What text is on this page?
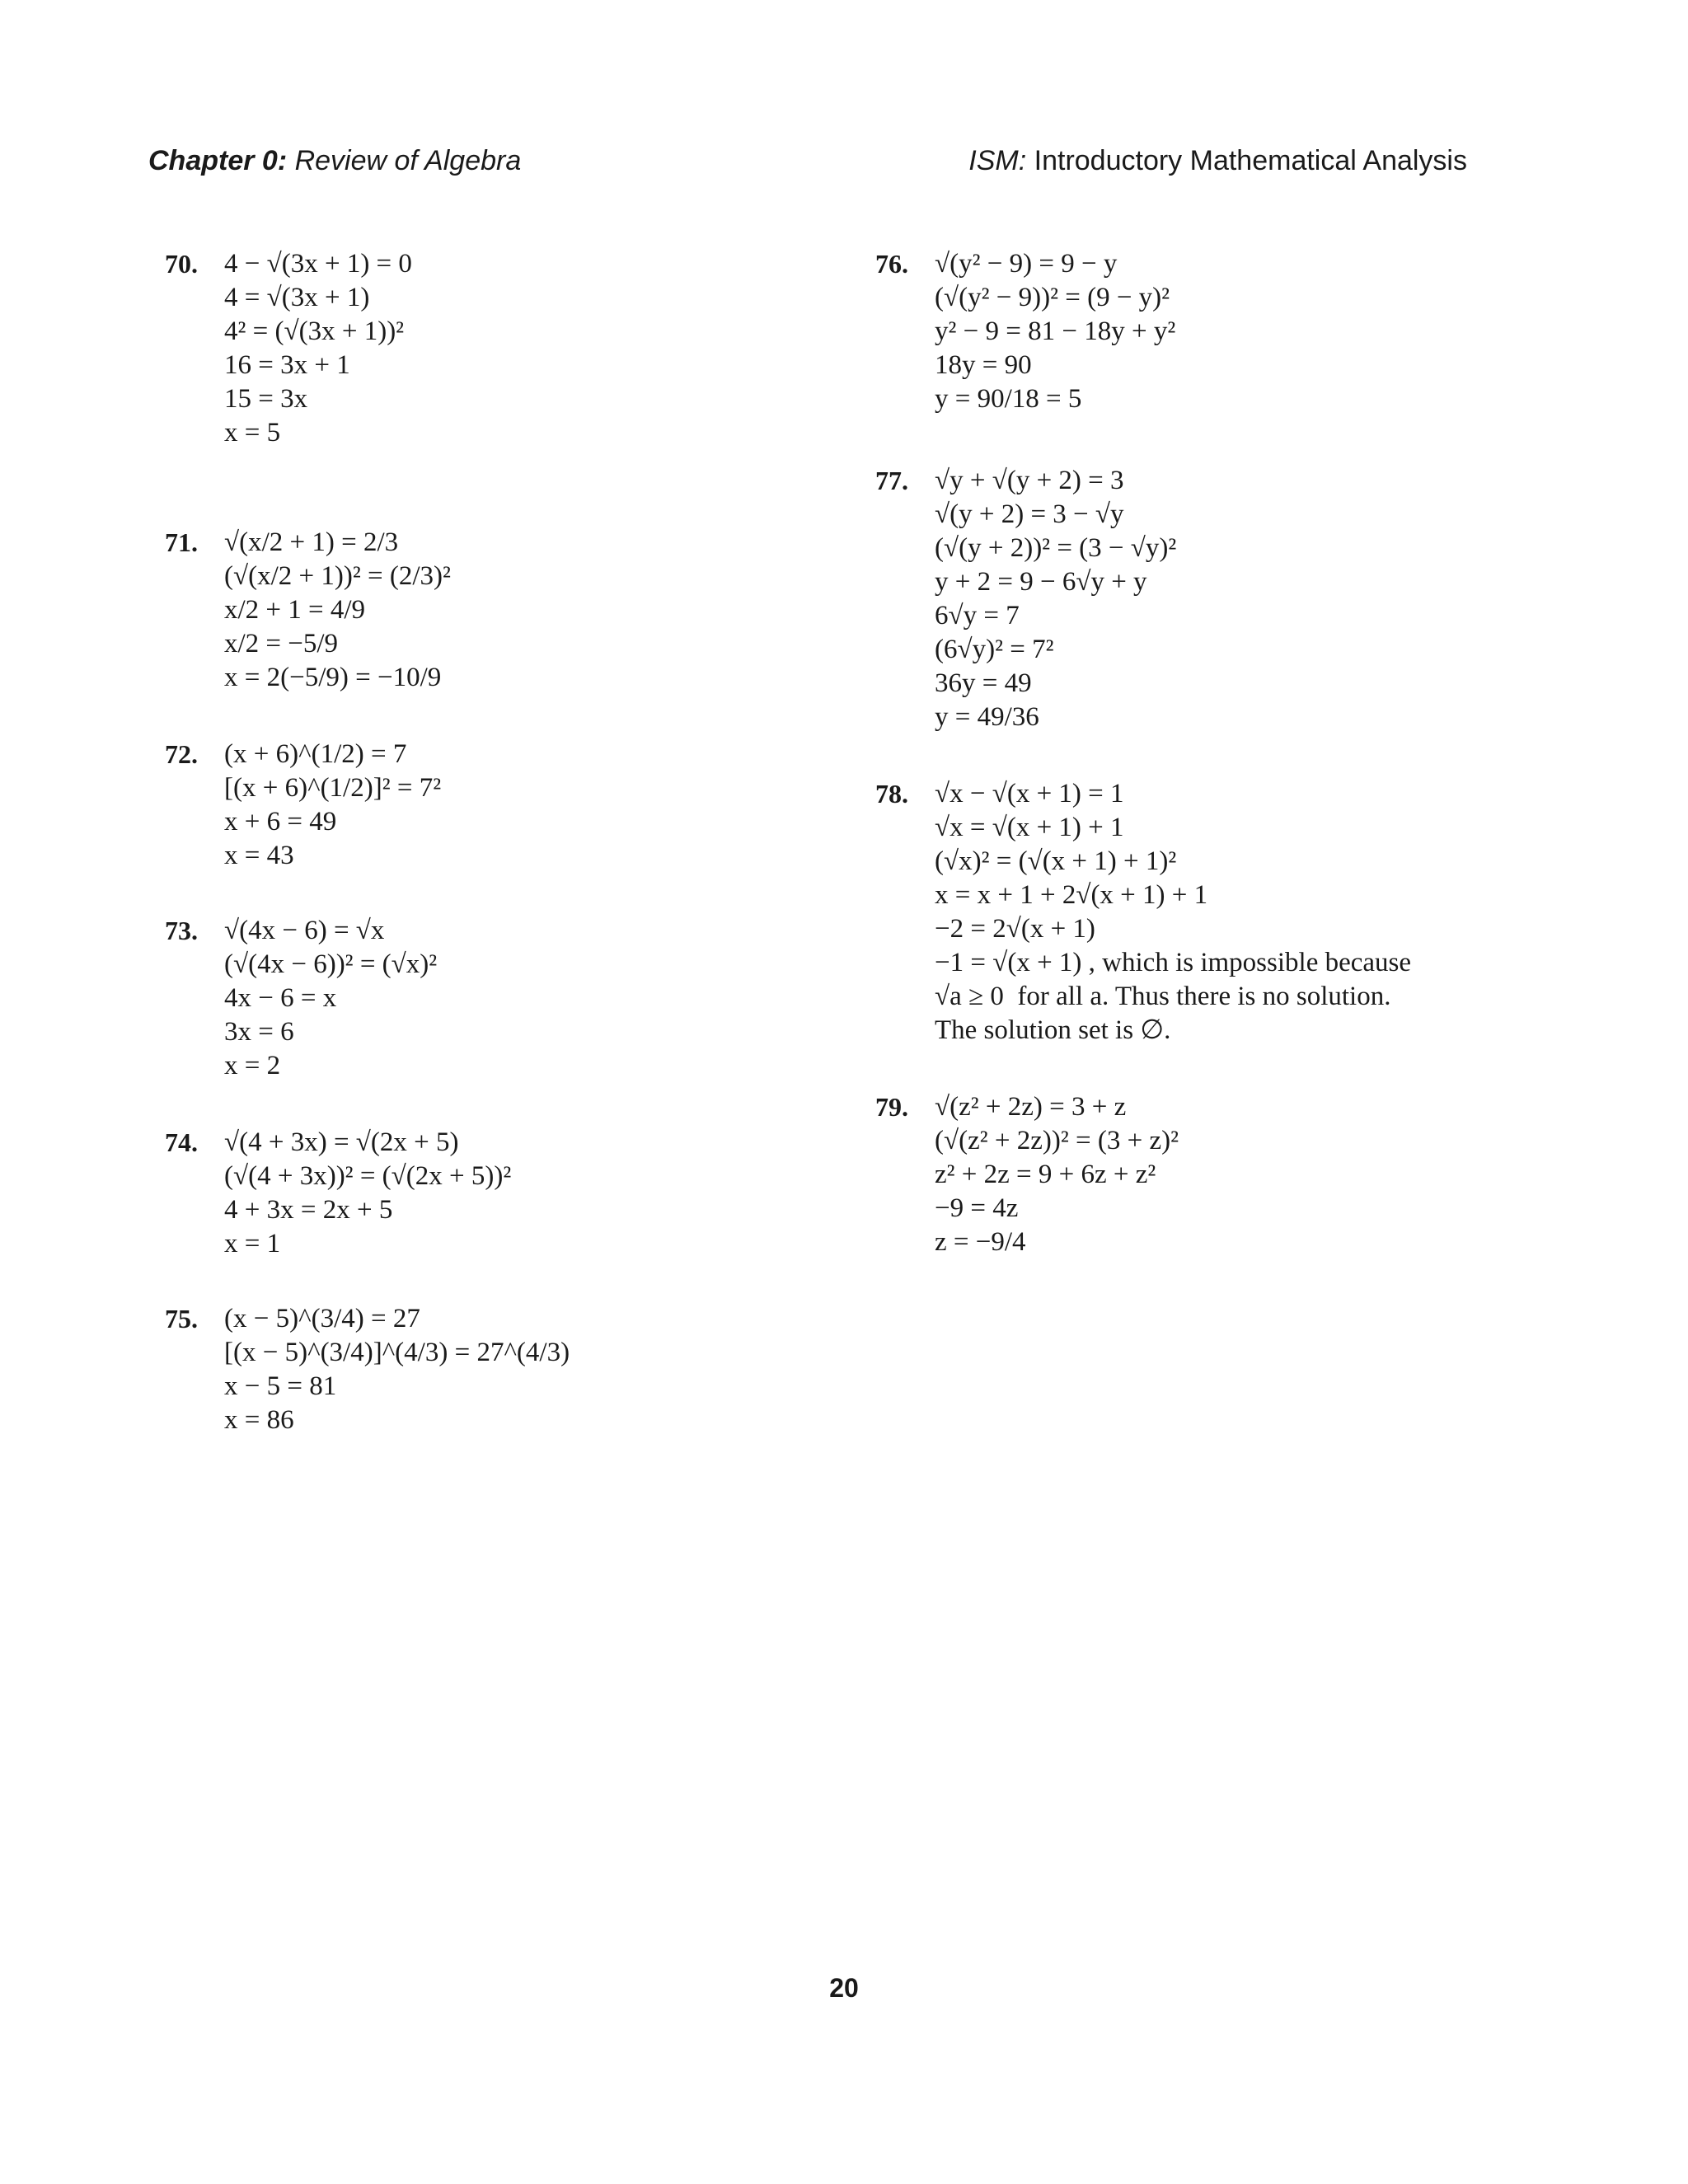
Chapter 0: Review of Algebra	ISM: Introductory Mathematical Analysis
70. 4 − √(3x + 1) = 0
4 = √(3x + 1)
4² = (√(3x + 1))²
16 = 3x + 1
15 = 3x
x = 5
71. √(x/2 + 1) = 2/3
(√(x/2 + 1))² = (2/3)²
x/2 + 1 = 4/9
x/2 = −5/9
x = 2(−5/9) = −10/9
72. (x + 6)^(1/2) = 7
[(x + 6)^(1/2)]² = 7²
x + 6 = 49
x = 43
73. √(4x − 6) = √x
(√(4x − 6))² = (√x)²
4x − 6 = x
3x = 6
x = 2
74. √(4 + 3x) = √(2x + 5)
(√(4 + 3x))² = (√(2x + 5))²
4 + 3x = 2x + 5
x = 1
75. (x − 5)^(3/4) = 27
[(x − 5)^(3/4)]^(4/3) = 27^(4/3)
x − 5 = 81
x = 86
76. √(y² − 9) = 9 − y
(√(y² − 9))² = (9 − y)²
y² − 9 = 81 − 18y + y²
18y = 90
y = 90/18 = 5
77. √y + √(y + 2) = 3
√(y + 2) = 3 − √y
(√(y + 2))² = (3 − √y)²
y + 2 = 9 − 6√y + y
6√y = 7
(6√y)² = 7²
36y = 49
y = 49/36
78. √x − √(x + 1) = 1
√x = √(x + 1) + 1
(√x)² = (√(x + 1) + 1)²
x = x + 1 + 2√(x + 1) + 1
−2 = 2√(x + 1)
−1 = √(x + 1) , which is impossible because
√a ≥ 0  for all a. Thus there is no solution.
The solution set is ∅.
79. √(z² + 2z) = 3 + z
(√(z² + 2z))² = (3 + z)²
z² + 2z = 9 + 6z + z²
−9 = 4z
z = −9/4
20
